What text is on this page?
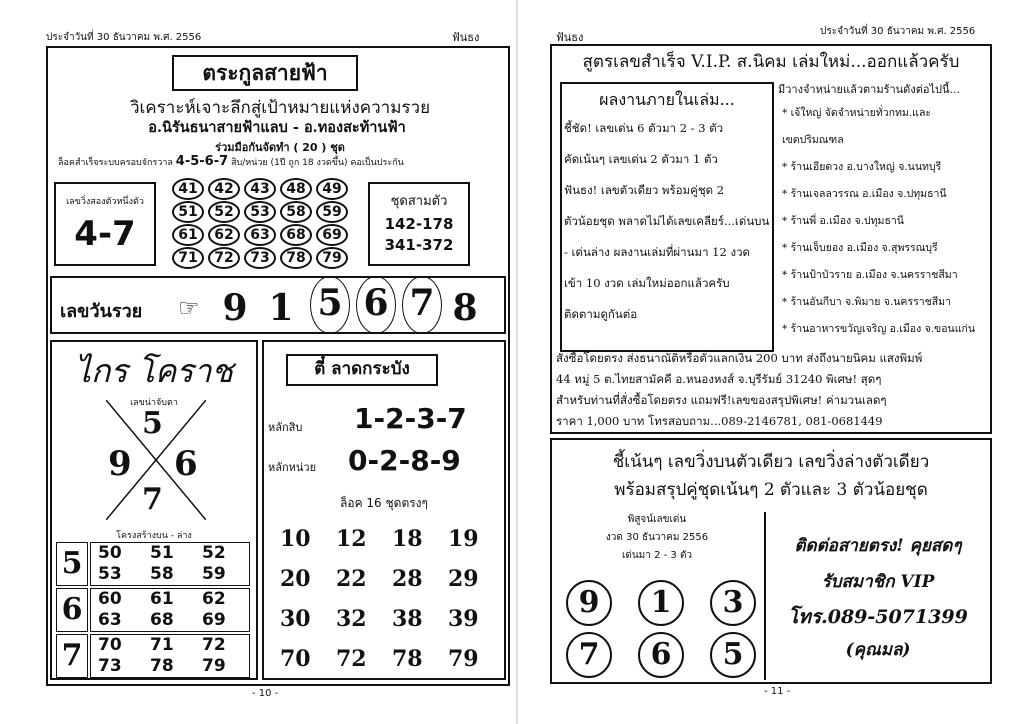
ประจำวันที่ 30 ธันวาคม พ.ศ. 2556	ฟันธง
ตระกูลสายฟ้า
วิเคราะห์เจาะลึกสู่เป้าหมายแห่งความรวย
อ.นิรันธนาสายฟ้าแลบ - อ.ทองสะท้านฟ้า
ร่วมมือกันจัดทำ ( 20 ) ชุด
ล็อคสำเร็จระบบครอบจักรวาล 4-5-6-7 สิบ/หน่วย (1ปี ถูก 18 งวดขึ้น) คอเป็นประกัน
เลขวิ่งสองตัวหนึ่งตัว
4-7
41	42	43	48	49
51	52	53	58	59
61	62	63	68	69
71	72	73	78	79
ชุดสามตัว
142-178
341-372
เลขวันรวย ☞ 9 1 5 6 7 8
ไกร โคราช
เลขน่าจับตา
5
9 6
7
โครงสร้างบน - ล่าง
5 50 51 52
53 58 59
6 60 61 62
63 68 69
7 70 71 72
73 78 79
ตี๋ ลาดกระบัง
หลักสิบ 1-2-3-7
หลักหน่วย 0-2-8-9
ล็อค 16 ชุดตรงๆ
10 12 18 19
20 22 28 29
30 32 38 39
70 72 78 79
- 10 -
ฟันธง	ประจำวันที่ 30 ธันวาคม พ.ศ. 2556
สูตรเลขสำเร็จ V.I.P. ส.นิคม เล่มใหม่...ออกแล้วครับ
ผลงานภายในเล่ม...
ชี้ชัด! เลขเด่น 6 ตัวมา 2 - 3 ตัว
คัดเน้นๆ เลขเด่น 2 ตัวมา 1 ตัว
ฟันธง! เลขตัวเดียว พร้อมคู่ชุด 2
ตัวน้อยชุด พลาดไม่ได้เลขเคลียร์...เด่นบน
- เด่นล่าง ผลงานเล่มที่ผ่านมา 12 งวด
เข้า 10 งวด เล่มใหม่ออกแล้วครับ
ติดตามดูกันต่อ
มีวางจำหน่ายแล้วตามร้านดังต่อไปนี้...
* เจ้ใหญ่ จัดจำหน่ายทั่วกทม.และ
เขตปริมณฑล
* ร้านเอียดวง อ.บางใหญ่ จ.นนทบุรี
* ร้านเจลลวรรณ อ.เมือง จ.ปทุมธานี
* ร้านพี่ อ.เมือง จ.ปทุมธานี
* ร้านเจ็บยอง อ.เมือง จ.สุพรรณบุรี
* ร้านป้าบัวราย อ.เมือง จ.นครราชสีมา
* ร้านอันกีบา จ.พิมาย จ.นครราชสีมา
* ร้านอาหารขวัญเจริญ อ.เมือง จ.ขอนแก่น
สั่งซื้อโดยตรง ส่งธนาณัติหรือตั๋วแลกเงิน 200 บาท ส่งถึงนายนิคม แสงพิมพ์
44 หมู่ 5 ต.ไทยสามัคคี อ.หนองหงส์ จ.บุรีรัมย์ 31240 พิเศษ! สุดๆ
สำหรับท่านที่สั่งซื้อโดยตรง แถมฟรี!เลขของสรุปพิเศษ! ค่ามวนเลดๆ
ราคา 1,000 บาท โทรสอบถาม...089-2146781, 081-0681449
ชี้เน้นๆ เลขวิ่งบนตัวเดียว เลขวิ่งล่างตัวเดียว
พร้อมสรุปคู่ชุดเน้นๆ 2 ตัวและ 3 ตัวน้อยชุด
พิสูจน์เลขเด่น
งวด 30 ธันวาคม 2556
เด่นมา 2 - 3 ตัว
9	1	3
7	6	5
ติดต่อสายตรง! คุยสดๆ
รับสมาชิก VIP
โทร.089-5071399
(คุณมล)
- 11 -
